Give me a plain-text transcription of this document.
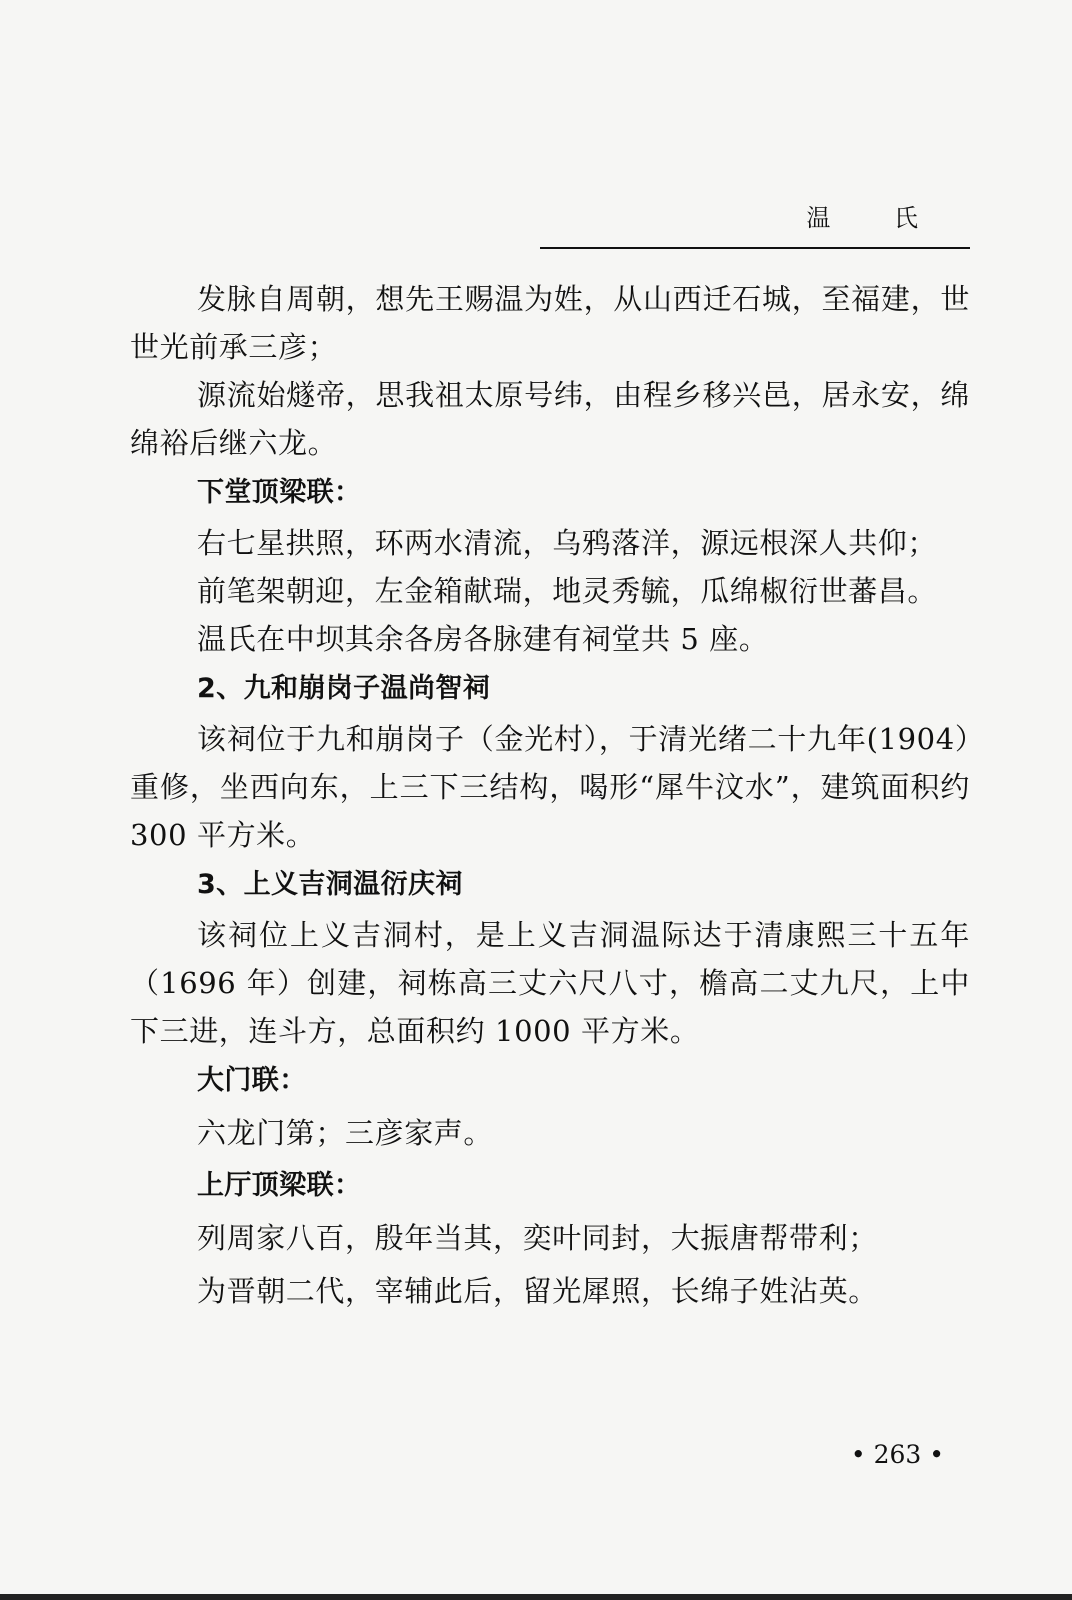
温 氏

发脉自周朝，想先王赐温为姓，从山西迁石城，至福建，世世光前承三彦；

源流始燧帝，思我祖太原号纬，由程乡移兴邑，居永安，绵绵裕后继六龙。

下堂顶梁联：

右七星拱照，环两水清流，乌鸦落洋，源远根深人共仰；

前笔架朝迎，左金箱献瑞，地灵秀毓，瓜绵椒衍世蕃昌。

温氏在中坝其余各房各脉建有祠堂共 5 座。

2、九和崩岗子温尚智祠

该祠位于九和崩岗子（金光村），于清光绪二十九年(1904）重修，坐西向东，上三下三结构，喝形“犀牛汶水”，建筑面积约 300 平方米。

3、上义吉洞温衍庆祠

该祠位上义吉洞村，是上义吉洞温际达于清康熙三十五年（1696 年）创建，祠栋高三丈六尺八寸，檐高二丈九尺，上中下三进，连斗方，总面积约 1000 平方米。

大门联：

六龙门第；三彦家声。

上厅顶梁联：

列周家八百，殷年当其，奕叶同封，大振唐帮带利；

为晋朝二代，宰辅此后，留光犀照，长绵子姓沾英。

• 263 •
